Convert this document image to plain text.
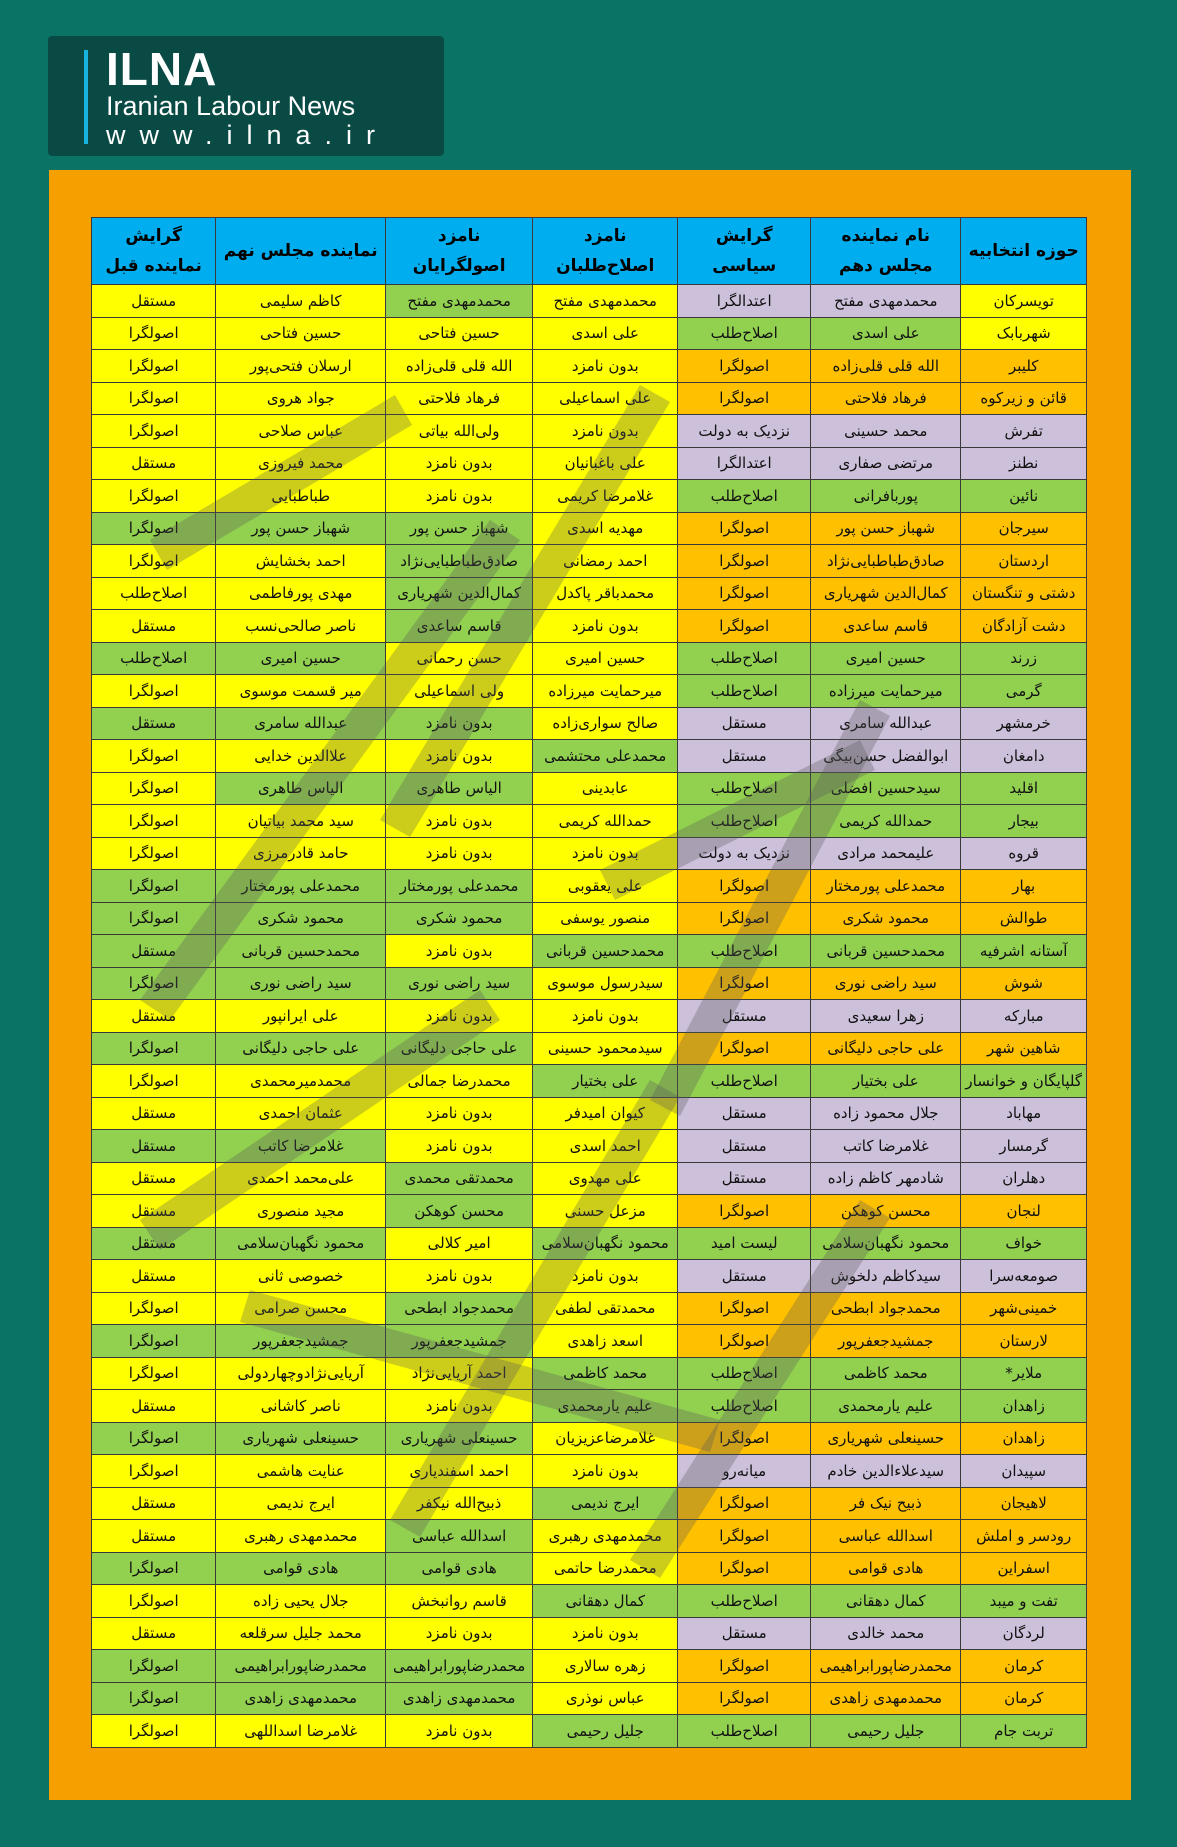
ILNA
Iranian Labour News
www.ilna.ir
حوزه انتخابیه	نام نماینده مجلس دهم	گرایش سیاسی	نامزد اصلاح‌طلبان	نامزد اصولگرایان	نماینده مجلس نهم	گرایش نماینده قبل
تویسرکان	محمدمهدی مفتح	اعتدالگرا	محمدمهدی مفتح	محمدمهدی مفتح	کاظم سلیمی	مستقل
شهربابک	علی اسدی	اصلاح‌طلب	علی اسدی	حسین فتاحی	حسین فتاحی	اصولگرا
کلیبر	الله قلی قلی‌زاده	اصولگرا	بدون نامزد	الله قلی قلی‌زاده	ارسلان فتحی‌پور	اصولگرا
قائن و زیرکوه	فرهاد فلاحتی	اصولگرا	علی اسماعیلی	فرهاد فلاحتی	جواد هروی	اصولگرا
تفرش	محمد حسینی	نزدیک به دولت	بدون نامزد	ولی‌الله بیاتی	عباس صلاحی	اصولگرا
نطنز	مرتضی صفاری	اعتدالگرا	علی باغبانیان	بدون نامزد	محمد فیروزی	مستقل
نائین	پوربافرانی	اصلاح‌طلب	غلامرضا کریمی	بدون نامزد	طباطبایی	اصولگرا
سیرجان	شهباز حسن پور	اصولگرا	مهدیه اسدی	شهباز حسن پور	شهباز حسن پور	اصولگرا
اردستان	صادق‌طباطبایی‌نژاد	اصولگرا	احمد رمضانی	صادق‌طباطبایی‌نژاد	احمد بخشایش	اصولگرا
دشتی و تنگستان	کمال‌الدین شهریاری	اصولگرا	محمدباقر پاکدل	کمال‌الدین شهریاری	مهدی پورفاطمی	اصلاح‌طلب
دشت آزادگان	قاسم ساعدی	اصولگرا	بدون نامزد	قاسم ساعدی	ناصر صالحی‌نسب	مستقل
زرند	حسین امیری	اصلاح‌طلب	حسین امیری	حسن رحمانی	حسین امیری	اصلاح‌طلب
گرمی	میرحمایت میرزاده	اصلاح‌طلب	میرحمایت میرزاده	ولی اسماعیلی	میر قسمت موسوی	اصولگرا
خرمشهر	عبدالله سامری	مستقل	صالح سواری‌زاده	بدون نامزد	عبدالله سامری	مستقل
دامغان	ابوالفضل حسن‌بیگی	مستقل	محمدعلی محتشمی	بدون نامزد	علاالدین خدایی	اصولگرا
اقلید	سیدحسین افضلی	اصلاح‌طلب	عابدینی	الیاس طاهری	الیاس طاهری	اصولگرا
بیجار	حمدالله کریمی	اصلاح‌طلب	حمدالله کریمی	بدون نامزد	سید محمد بیاتیان	اصولگرا
قروه	علیمحمد مرادی	نزدیک به دولت	بدون نامزد	بدون نامزد	حامد قادرمرزی	اصولگرا
بهار	محمدعلی پورمختار	اصولگرا	علی یعقوبی	محمدعلی پورمختار	محمدعلی پورمختار	اصولگرا
طوالش	محمود شکری	اصولگرا	منصور یوسفی	محمود شکری	محمود شکری	اصولگرا
آستانه اشرفیه	محمدحسین قربانی	اصلاح‌طلب	محمدحسین قربانی	بدون نامزد	محمدحسین قربانی	مستقل
شوش	سید راضی نوری	اصولگرا	سیدرسول موسوی	سید راضی نوری	سید راضی نوری	اصولگرا
مبارکه	زهرا سعیدی	مستقل	بدون نامزد	بدون نامزد	علی ایرانپور	مستقل
شاهین شهر	علی حاجی دلیگانی	اصولگرا	سیدمحمود حسینی	علی حاجی دلیگانی	علی حاجی دلیگانی	اصولگرا
گلپایگان و خوانسار	علی بختیار	اصلاح‌طلب	علی بختیار	محمدرضا جمالی	محمدمیرمحمدی	اصولگرا
مهاباد	جلال محمود زاده	مستقل	کیوان امیدفر	بدون نامزد	عثمان احمدی	مستقل
گرمسار	غلامرضا کاتب	مستقل	احمد اسدی	بدون نامزد	غلامرضا کاتب	مستقل
دهلران	شادمهر کاظم زاده	مستقل	علی مهدوی	محمدتقی محمدی	علی‌محمد احمدی	مستقل
لنجان	محسن کوهکن	اصولگرا	مزعل حسنی	محسن کوهکن	مجید منصوری	مستقل
خواف	محمود نگهبان‌سلامی	لیست امید	محمود نگهبان‌سلامی	امیر کلالی	محمود نگهبان‌سلامی	مستقل
صومعه‌سرا	سیدکاظم دلخوش	مستقل	بدون نامزد	بدون نامزد	خصوصی ثانی	مستقل
خمینی‌شهر	محمدجواد ابطحی	اصولگرا	محمدتقی لطفی	محمدجواد ابطحی	محسن صرامی	اصولگرا
لارستان	جمشیدجعفرپور	اصولگرا	اسعد زاهدی	جمشیدجعفرپور	جمشیدجعفرپور	اصولگرا
ملایر*	محمد کاظمی	اصلاح‌طلب	محمد کاظمی	احمد آریایی‌نژاد	آریایی‌نژادوچهاردولی	اصولگرا
زاهدان	علیم یارمحمدی	اصلاح‌طلب	علیم یارمحمدی	بدون نامزد	ناصر کاشانی	مستقل
زاهدان	حسینعلی شهریاری	اصولگرا	غلامرضاعزیزیان	حسینعلی شهریاری	حسینعلی شهریاری	اصولگرا
سپیدان	سیدعلاءالدین خادم	میانه‌رو	بدون نامزد	احمد اسفندیاری	عنایت هاشمی	اصولگرا
لاهیجان	ذبیح نیک فر	اصولگرا	ایرج ندیمی	ذبیح‌الله نیکفر	ایرج ندیمی	مستقل
رودسر و املش	اسدالله عباسی	اصولگرا	محمدمهدی رهبری	اسدالله عباسی	محمدمهدی رهبری	مستقل
اسفراین	هادی قوامی	اصولگرا	محمدرضا حاتمی	هادی قوامی	هادی قوامی	اصولگرا
تفت و میبد	کمال دهقانی	اصلاح‌طلب	کمال دهقانی	قاسم روانبخش	جلال یحیی زاده	اصولگرا
لردگان	محمد خالدی	مستقل	بدون نامزد	بدون نامزد	محمد جلیل سرقلعه	مستقل
کرمان	محمدرضاپورابراهیمی	اصولگرا	زهره سالاری	محمدرضاپورابراهیمی	محمدرضاپورابراهیمی	اصولگرا
کرمان	محمدمهدی زاهدی	اصولگرا	عباس نوذری	محمدمهدی زاهدی	محمدمهدی زاهدی	اصولگرا
تربت جام	جلیل رحیمی	اصلاح‌طلب	جلیل رحیمی	بدون نامزد	غلامرضا اسداللهی	اصولگرا
